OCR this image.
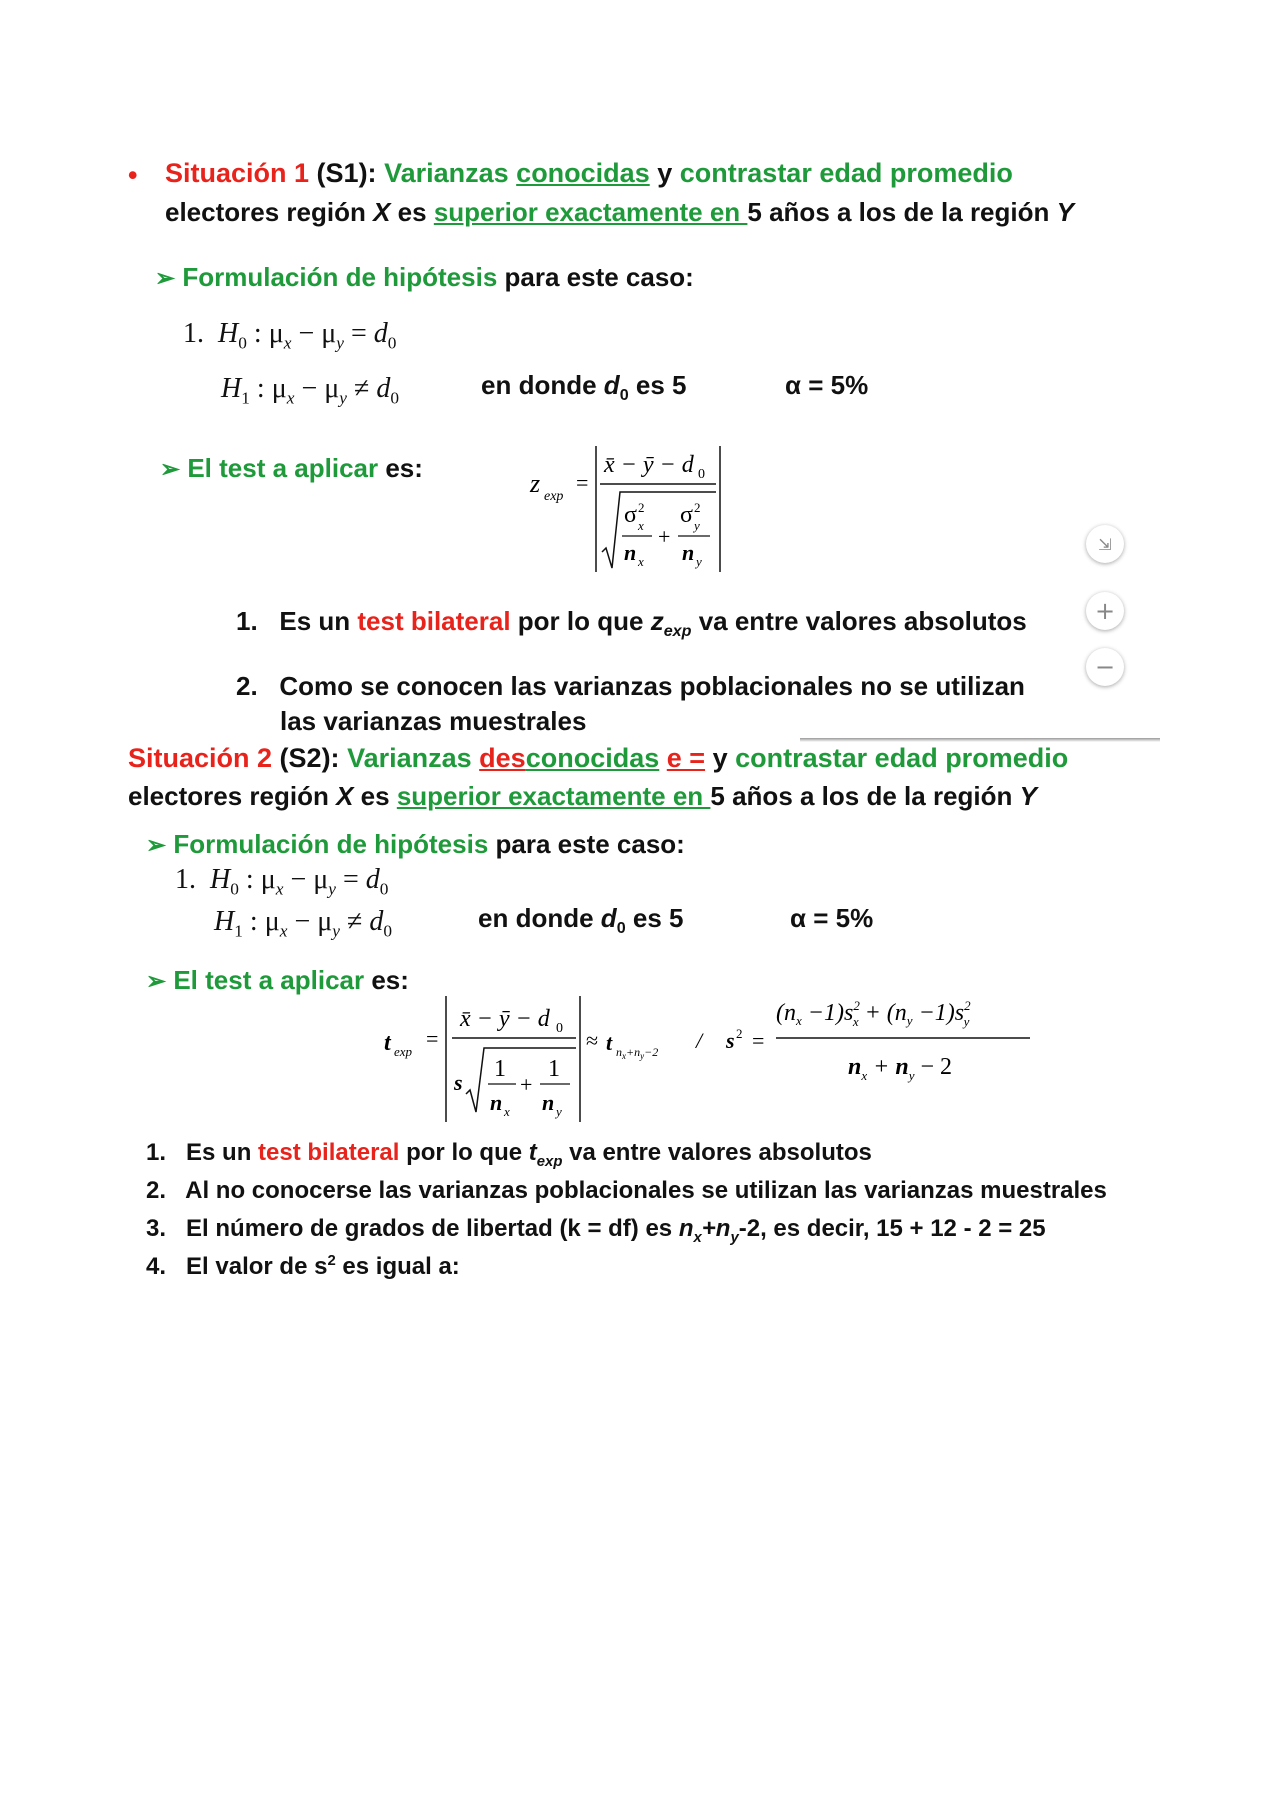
• Situación 1 (S1): Varianzas conocidas y contrastar edad promedio
electores región X es superior exactamente en 5 años a los de la región Y
➢ Formulación de hipótesis para este caso:
1. $H_0$ : $\mu_x - \mu_y = d_0$
$H_1$ : $\mu_x - \mu_y \ne d_0$	en donde $d_0$ es 5	α = 5%
➢ El test a aplicar es:
z exp
=
x̄ − ȳ − d 0
σ 2
x
n x
+
σ 2
y
n y
⇲
+
−
1. Es un test bilateral por lo que $z_{exp}$ va entre valores absolutos
2. Como se conocen las varianzas poblacionales no se utilizan
las varianzas muestrales
Situación 2 (S2): Varianzas desconocidas e = y contrastar edad promedio
electores región X es superior exactamente en 5 años a los de la región Y
➢ Formulación de hipótesis para este caso:
1.  $H_0$ : $\mu_x - \mu_y = d_0$
$H_1$ : $\mu_x - \mu_y \ne d_0$	en donde $d_0$ es 5	α = 5%
➢ El test a aplicar es:
t exp
=
x̄ − ȳ − d 0
s
1
n x
+
1
n y
≈ t $n_x+n_y-2 / s$ 2 =
$(n_x -1)s^2$ $x + (n_y -1)s^2$ y
$n_x + n_y - 2$
1. Es un test bilateral por lo que $t_{exp}$ va entre valores absolutos
2. Al no conocerse las varianzas poblacionales se utilizan las varianzas muestrales
3. El número de grados de libertad (k = df) es $n_x+n_y-2$, es decir, 15 + 12 - 2 = 25
4. El valor de $s^2$ es igual a:
